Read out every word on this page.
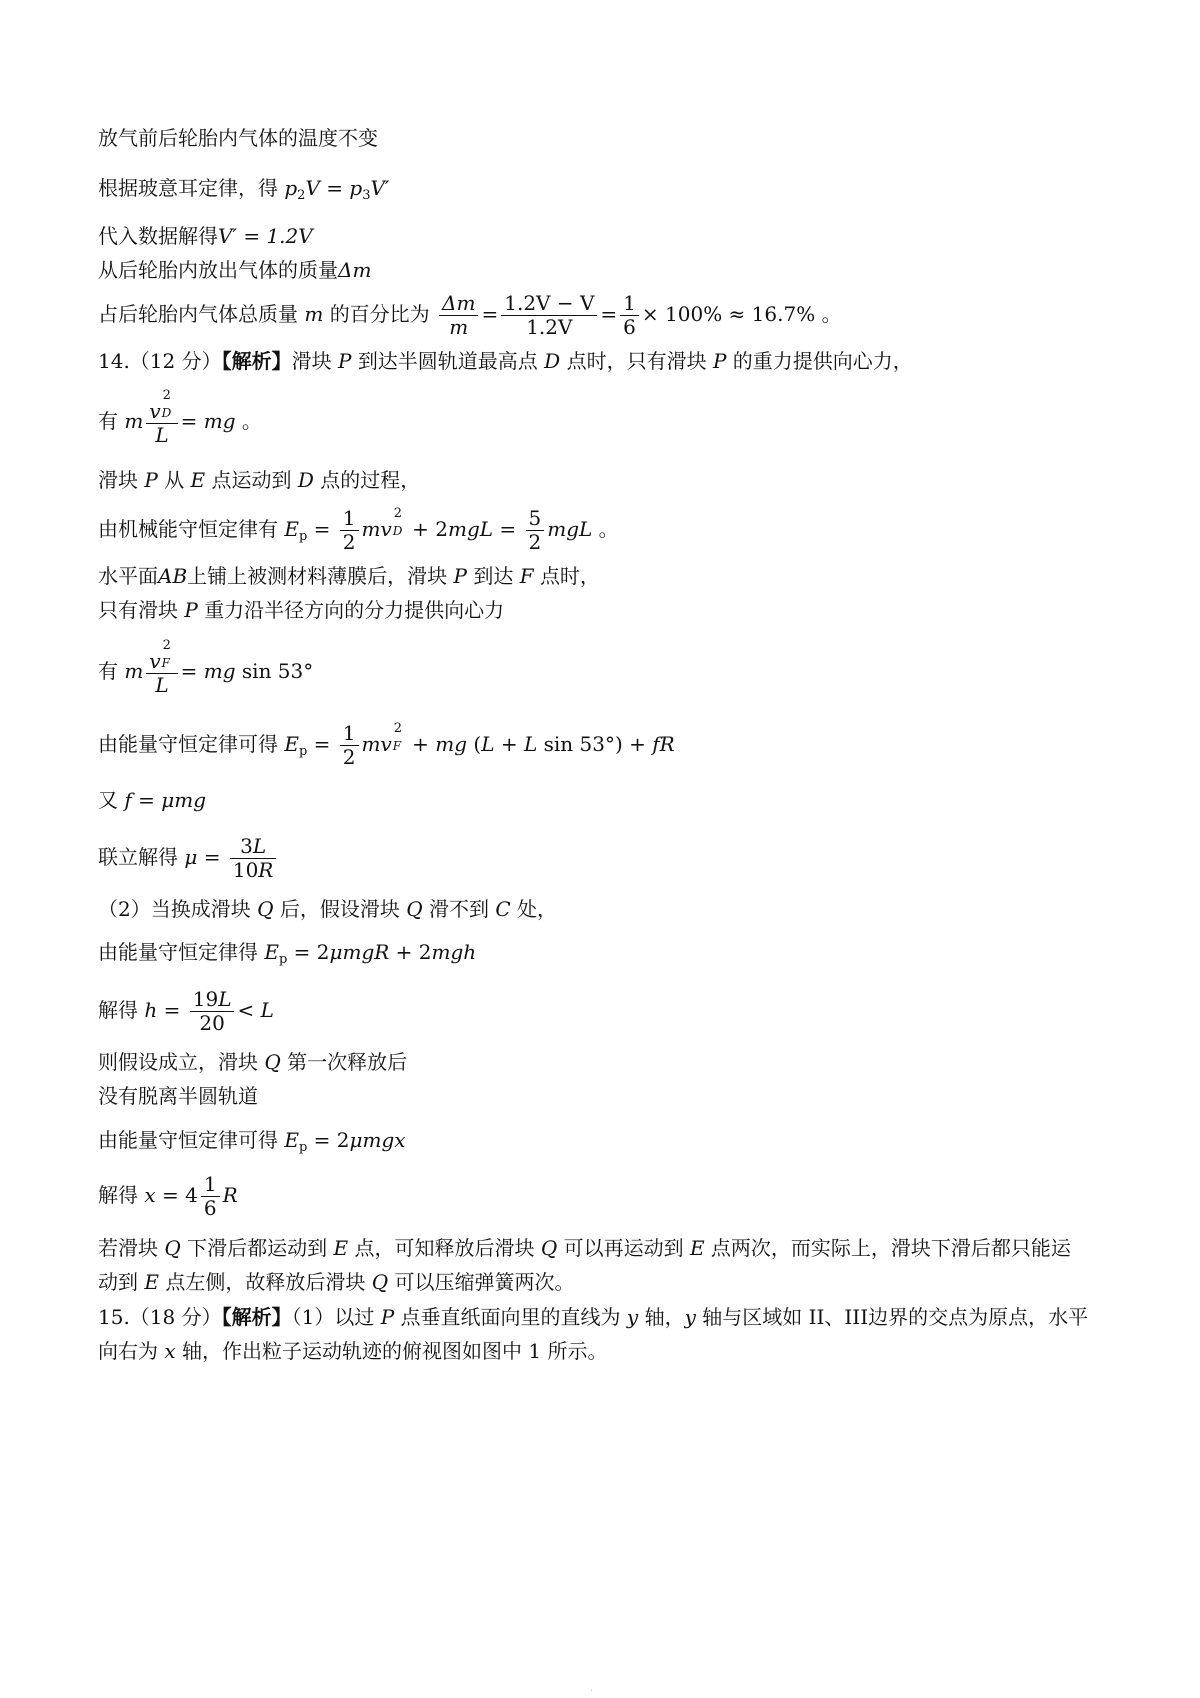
放气前后轮胎内气体的温度不变
根据玻意耳定律，得 $p_2V = p_3V'$
代入数据解得V′ = 1.2V
从后轮胎内放出气体的质量Δm
占后轮胎内气体总质量 m 的百分比为 $\frac{\Delta m}{m} = \frac{1.2V - V}{1.2V} = \frac{1}{6} \times 100\% \approx 16.7\%$ 。
14.（12 分）【解析】滑块 P 到达半圆轨道最高点 D 点时，只有滑块 P 的重力提供向心力，
有 m v
2
D
L = mg 。
滑块 P 从 E 点运动到 D 点的过程，
由机械能守恒定律有 $E_p = \frac{1}{2}$ mv
2
$D + 2mgL = \frac{5}{2}$ mgL 。
水平面AB上铺上被测材料薄膜后，滑块 P 到达 F 点时，
只有滑块 P 重力沿半径方向的分力提供向心力
有 m v
2
F
L = mg sin 53°
由能量守恒定律可得 $E_p = \frac{1}{2}$ mv
2
F + mg (L + L sin 53°) + fR
又 f = μmg
联立解得 $\mu = \frac{3L}{10R}$
（2）当换成滑块 Q 后，假设滑块 Q 滑不到 C 处，
由能量守恒定律得 $E_p = 2\mu mgR + 2mgh$
解得 $h = \frac{19L}{20} < L$
则假设成立，滑块 Q 第一次释放后
没有脱离半圆轨道
由能量守恒定律可得 $E_p = 2\mu mgx$
解得 $x = 4 \frac{1}{6}$ R
若滑块 Q 下滑后都运动到 E 点，可知释放后滑块 Q 可以再运动到 E 点两次，而实际上，滑块下滑后都只能运
动到 E 点左侧，故释放后滑块 Q 可以压缩弹簧两次。
15.（18 分）【解析】（1）以过 P 点垂直纸面向里的直线为 y 轴，y 轴与区域如 II、III边界的交点为原点，水平
向右为 x 轴，作出粒子运动轨迹的俯视图如图中 1 所示。
·
